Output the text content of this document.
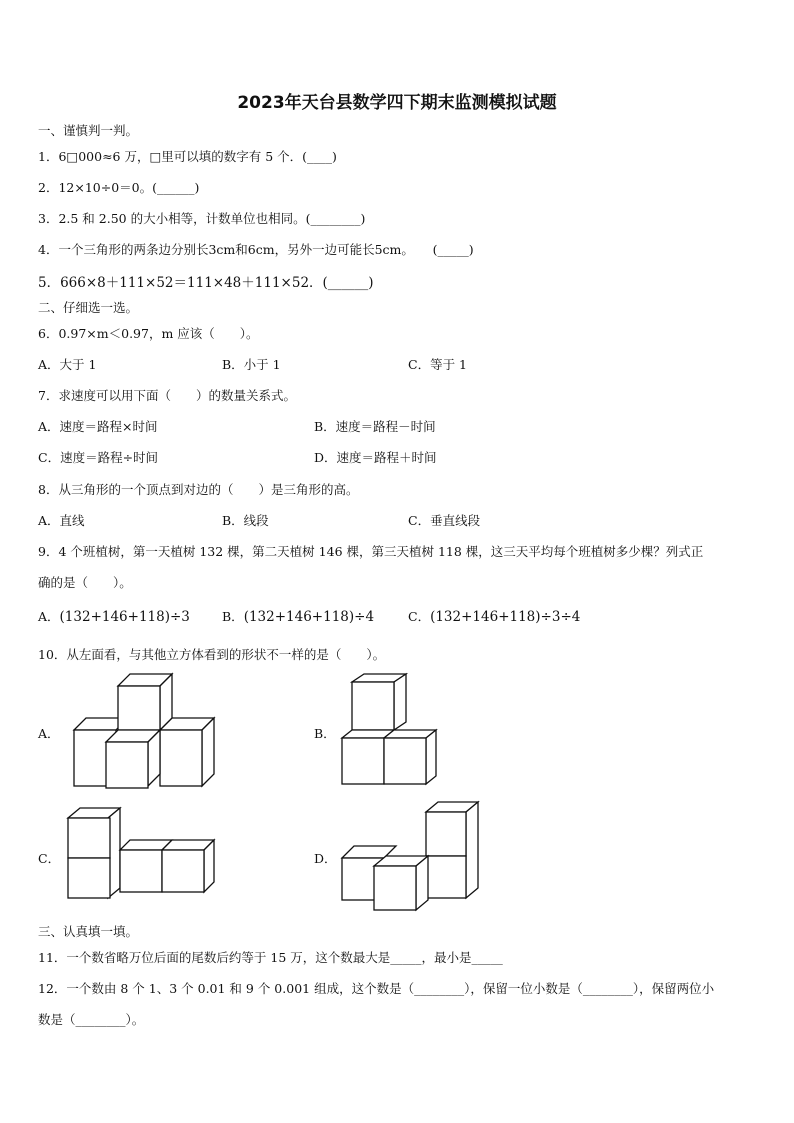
2023年天台县数学四下期末监测模拟试题
一、谨慎判一判。
1．6□000≈6 万，□里可以填的数字有 5 个．(____)
2．12×10÷0＝0。(______)
3．2.5 和 2.50 的大小相等，计数单位也相同。(________)
4．一个三角形的两条边分别长3cm和6cm，另外一边可能长5cm。　　(_____)
5．666×8＋111×52＝111×48＋111×52．(______)
二、仔细选一选。
6．0.97×m＜0.97，m 应该（　　）。
A．大于 1	B．小于 1	C．等于 1
7．求速度可以用下面（　　）的数量关系式。
A．速度＝路程×时间	B．速度＝路程－时间
C．速度＝路程÷时间	D．速度＝路程＋时间
8．从三角形的一个顶点到对边的（　　）是三角形的高。
A．直线	B．线段	C．垂直线段
9．4 个班植树，第一天植树 132 棵，第二天植树 146 棵，第三天植树 118 棵，这三天平均每个班植树多少棵？列式正
确的是（　　）。
A．(132+146+118)÷3	B．(132+146+118)÷4	C．(132+146+118)÷3÷4
10．从左面看，与其他立方体看到的形状不一样的是（　　）。
A．	B．
C．	D．
三、认真填一填。
11．一个数省略万位后面的尾数后约等于 15 万，这个数最大是_____，最小是_____
12．一个数由 8 个 1、3 个 0.01 和 9 个 0.001 组成，这个数是（________），保留一位小数是（________），保留两位小
数是（________）。
